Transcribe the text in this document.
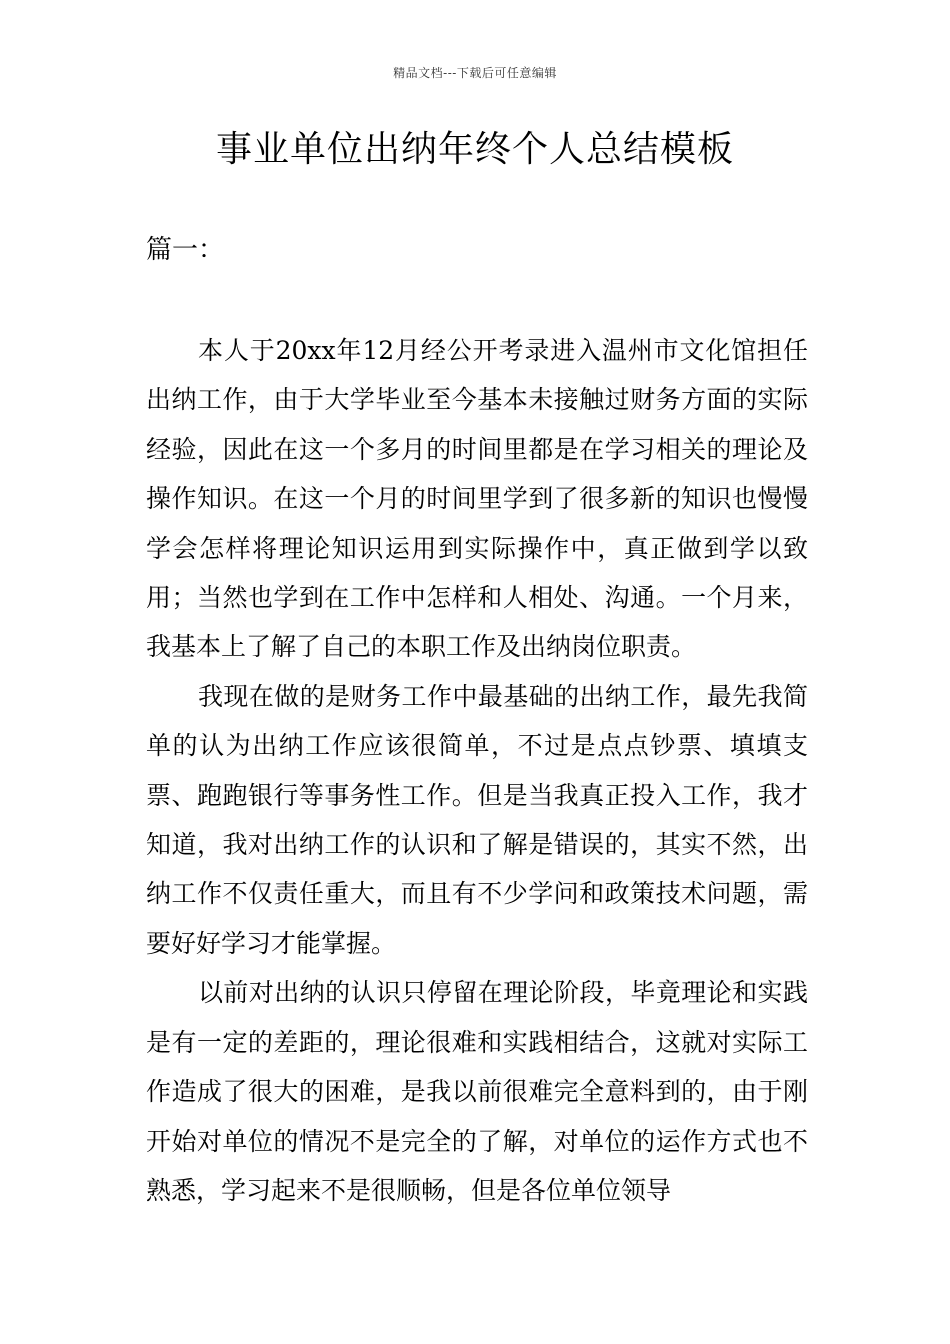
精品文档---下载后可任意编辑
事业单位出纳年终个人总结模板
篇一：

本人于20xx年12月经公开考录进入温州市文化馆担任出纳工作，由于大学毕业至今基本未接触过财务方面的实际经验，因此在这一个多月的时间里都是在学习相关的理论及操作知识。在这一个月的时间里学到了很多新的知识也慢慢学会怎样将理论知识运用到实际操作中，真正做到学以致用；当然也学到在工作中怎样和人相处、沟通。一个月来，我基本上了解了自己的本职工作及出纳岗位职责。

我现在做的是财务工作中最基础的出纳工作，最先我简单的认为出纳工作应该很简单，不过是点点钞票、填填支票、跑跑银行等事务性工作。但是当我真正投入工作，我才知道，我对出纳工作的认识和了解是错误的，其实不然，出纳工作不仅责任重大，而且有不少学问和政策技术问题，需要好好学习才能掌握。

以前对出纳的认识只停留在理论阶段，毕竟理论和实践是有一定的差距的，理论很难和实践相结合，这就对实际工作造成了很大的困难，是我以前很难完全意料到的，由于刚开始对单位的情况不是完全的了解，对单位的运作方式也不熟悉，学习起来不是很顺畅，但是各位单位领导
